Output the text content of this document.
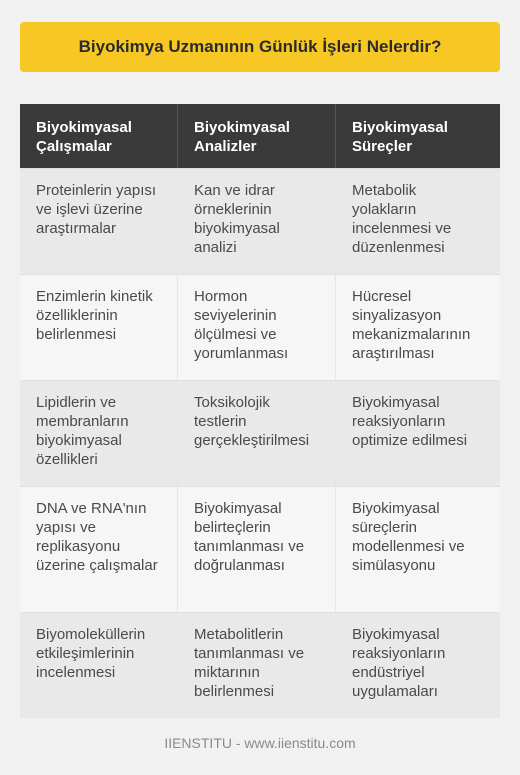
Biyokimya Uzmanının Günlük İşleri Nelerdir?
Biyokimyasal Çalışmalar
Biyokimyasal Analizler
Biyokimyasal Süreçler
Proteinlerin yapısı ve işlevi üzerine araştırmalar
Kan ve idrar örneklerinin biyokimyasal analizi
Metabolik yolakların incelenmesi ve düzenlenmesi
Enzimlerin kinetik özelliklerinin belirlenmesi
Hormon seviyelerinin ölçülmesi ve yorumlanması
Hücresel sinyalizasyon mekanizmalarının araştırılması
Lipidlerin ve membranların biyokimyasal özellikleri
Toksikolojik testlerin gerçekleştirilmesi
Biyokimyasal reaksiyonların optimize edilmesi
DNA ve RNA'nın yapısı ve replikasyonu üzerine çalışmalar
Biyokimyasal belirteçlerin tanımlanması ve doğrulanması
Biyokimyasal süreçlerin modellenmesi ve simülasyonu
Biyomoleküllerin etkileşimlerinin incelenmesi
Metabolitlerin tanımlanması ve miktarının belirlenmesi
Biyokimyasal reaksiyonların endüstriyel uygulamaları
IIENSTITU - www.iienstitu.com
